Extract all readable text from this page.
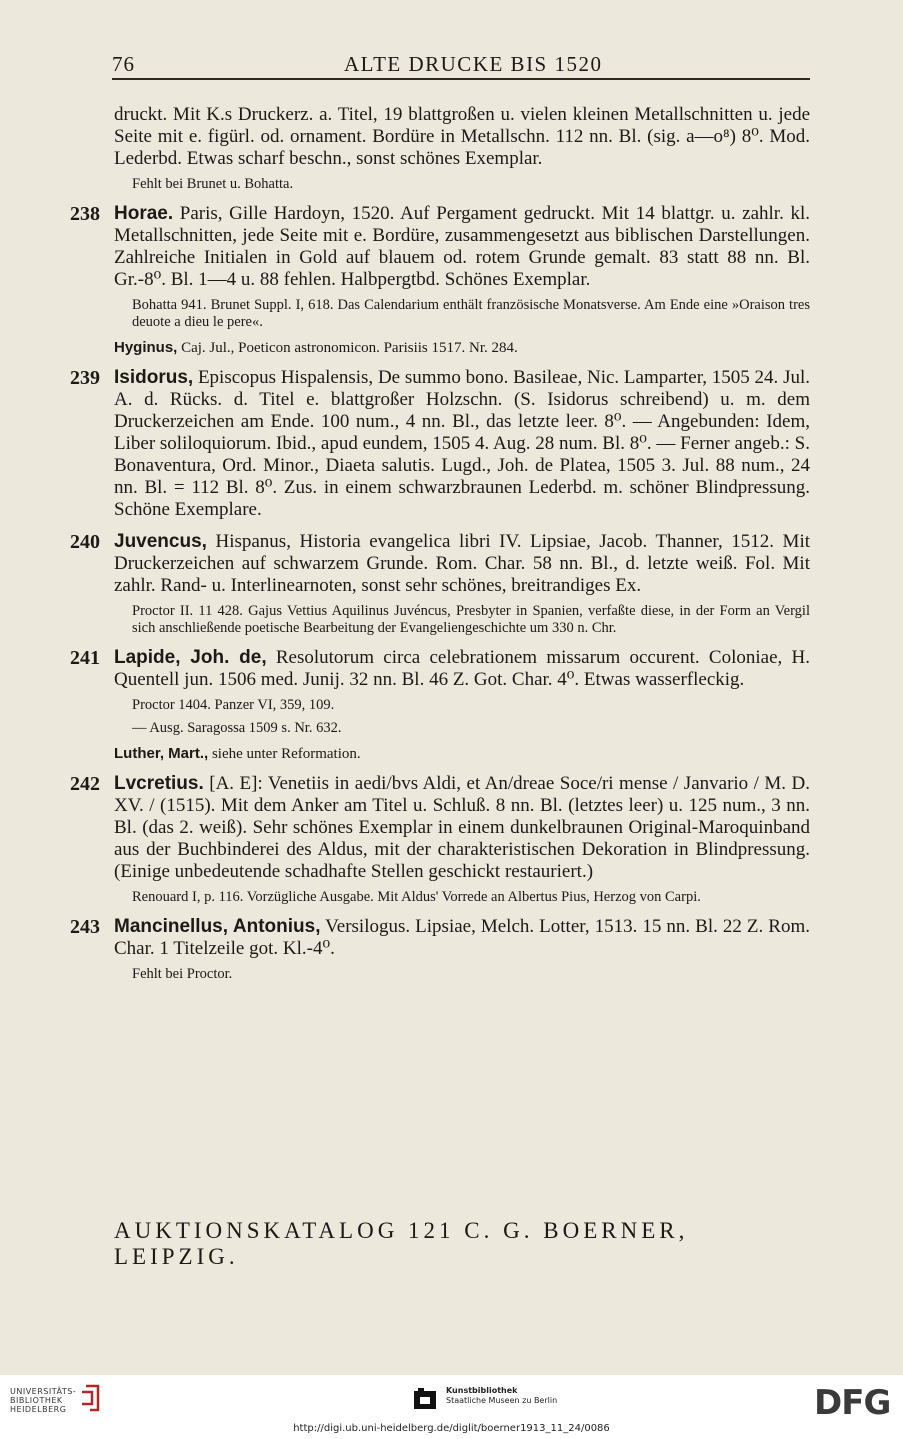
76	ALTE DRUCKE BIS 1520

druckt. Mit K.s Druckerz. a. Titel, 19 blattgroßen u. vielen kleinen Metallschnitten u. jede Seite mit e. figürl. od. ornament. Bordüre in Metallschn. 112 nn. Bl. (sig. a—o⁸) 8⁰. Mod. Lederbd. Etwas scharf beschn., sonst schönes Exemplar.

Fehlt bei Brunet u. Bohatta.

238 Horae. Paris, Gille Hardoyn, 1520. Auf Pergament gedruckt. Mit 14 blattgr. u. zahlr. kl. Metallschnitten, jede Seite mit e. Bordüre, zusammengesetzt aus biblischen Darstellungen. Zahlreiche Initialen in Gold auf blauem od. rotem Grunde gemalt. 83 statt 88 nn. Bl. Gr.-8⁰. Bl. 1—4 u. 88 fehlen. Halbpergtbd. Schönes Exemplar.

Bohatta 941. Brunet Suppl. I, 618. Das Calendarium enthält französische Monatsverse. Am Ende eine »Oraison tres deuote a dieu le pere«.

Hyginus, Caj. Jul., Poeticon astronomicon. Parisiis 1517. Nr. 284.

239 Isidorus, Episcopus Hispalensis, De summo bono. Basileae, Nic. Lamparter, 1505 24. Jul. A. d. Rücks. d. Titel e. blattgroßer Holzschn. (S. Isidorus schreibend) u. m. dem Druckerzeichen am Ende. 100 num., 4 nn. Bl., das letzte leer. 8⁰. — Angebunden: Idem, Liber soliloquiorum. Ibid., apud eundem, 1505 4. Aug. 28 num. Bl. 8⁰. — Ferner angeb.: S. Bonaventura, Ord. Minor., Diaeta salutis. Lugd., Joh. de Platea, 1505 3. Jul. 88 num., 24 nn. Bl. = 112 Bl. 8⁰. Zus. in einem schwarzbraunen Lederbd. m. schöner Blindpressung. Schöne Exemplare.

240 Juvencus, Hispanus, Historia evangelica libri IV. Lipsiae, Jacob. Thanner, 1512. Mit Druckerzeichen auf schwarzem Grunde. Rom. Char. 58 nn. Bl., d. letzte weiß. Fol. Mit zahlr. Rand- u. Interlinearnoten, sonst sehr schönes, breitrandiges Ex.

Proctor II. 11 428. Gajus Vettius Aquilinus Juvéncus, Presbyter in Spanien, verfaßte diese, in der Form an Vergil sich anschließende poetische Bearbeitung der Evangeliengeschichte um 330 n. Chr.

241 Lapide, Joh. de, Resolutorum circa celebrationem missarum occurent. Coloniae, H. Quentell jun. 1506 med. Junij. 32 nn. Bl. 46 Z. Got. Char. 4⁰. Etwas wasserfleckig.

Proctor 1404. Panzer VI, 359, 109.

— Ausg. Saragossa 1509 s. Nr. 632.

Luther, Mart., siehe unter Reformation.

242 Lvcretius. [A. E]: Venetiis in aedi/bvs Aldi, et An/dreae Soce/ri mense / Janvario / M. D. XV. / (1515). Mit dem Anker am Titel u. Schluß. 8 nn. Bl. (letztes leer) u. 125 num., 3 nn. Bl. (das 2. weiß). Sehr schönes Exemplar in einem dunkelbraunen Original-Maroquinband aus der Buchbinderei des Aldus, mit der charakteristischen Dekoration in Blindpressung. (Einige unbedeutende schadhafte Stellen geschickt restauriert.)

Renouard I, p. 116. Vorzügliche Ausgabe. Mit Aldus' Vorrede an Albertus Pius, Herzog von Carpi.

243 Mancinellus, Antonius, Versilogus. Lipsiae, Melch. Lotter, 1513. 15 nn. Bl. 22 Z. Rom. Char. 1 Titelzeile got. Kl.-4⁰.

Fehlt bei Proctor.

AUKTIONSKATALOG 121 C. G. BOERNER, LEIPZIG.
UNIVERSITÄTS-
BIBLIOTHEK
HEIDELBERG
Kunstbibliothek
Staatliche Museen zu Berlin	DFG
http://digi.ub.uni-heidelberg.de/diglit/boerner1913_11_24/0086
